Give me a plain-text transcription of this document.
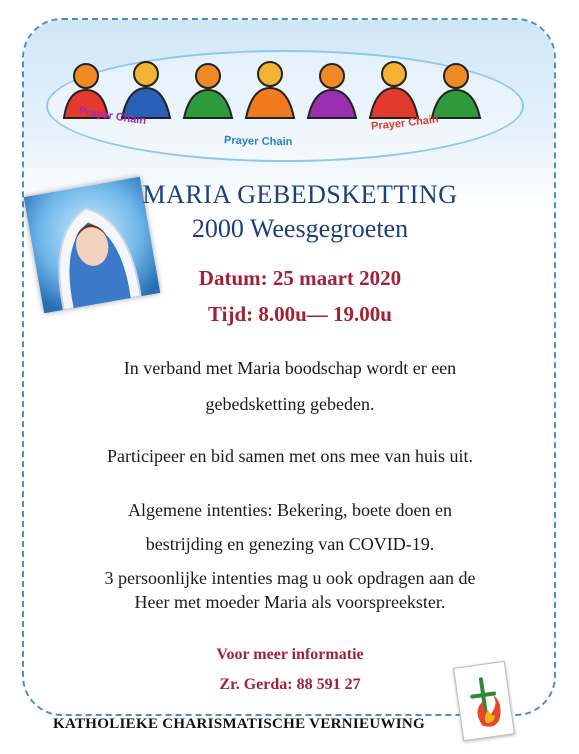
Prayer Chain
Prayer Chain
Prayer Chain
MARIA GEBEDSKETTING
2000 Weesgegroeten
Datum: 25 maart 2020
Tijd: 8.00u— 19.00u
In verband met Maria boodschap wordt er een
gebedsketting gebeden.
Participeer en bid samen met ons mee van huis uit.
Algemene intenties: Bekering, boete doen en
bestrijding en genezing van COVID-19.
3 persoonlijke intenties mag u ook opdragen aan de
Heer met moeder Maria als voorspreekster.
Voor meer informatie
Zr. Gerda: 88 591 27
KATHOLIEKE CHARISMATISCHE VERNIEUWING
